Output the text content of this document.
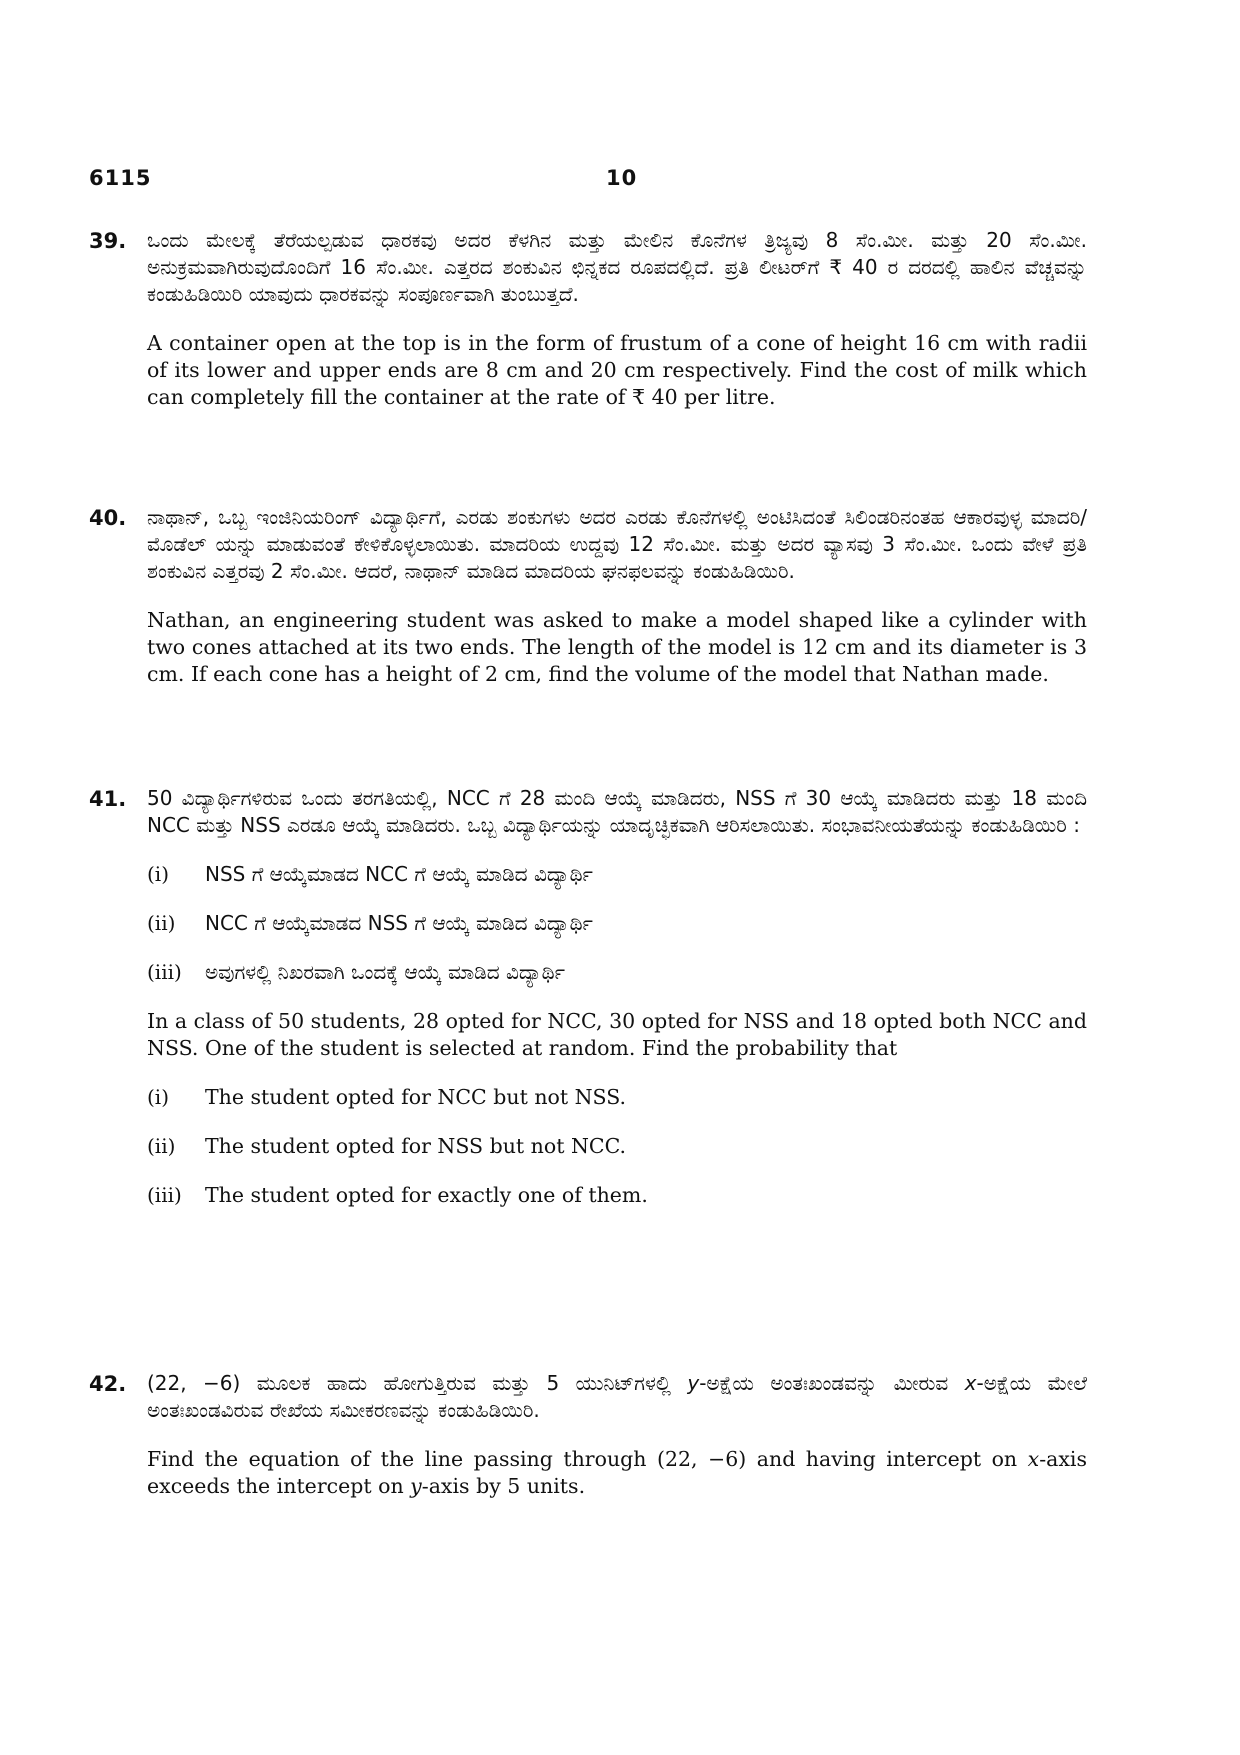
6115	10
39. ಒಂದು ಮೇಲಕ್ಕೆ ತೆರೆಯಲ್ಪಡುವ ಧಾರಕವು ಅದರ ಕೆಳಗಿನ ಮತ್ತು ಮೇಲಿನ ಕೊನೆಗಳ ತ್ರಿಜ್ಯವು 8 ಸೆಂ.ಮೀ. ಮತ್ತು 20 ಸೆಂ.ಮೀ. ಅನುಕ್ರಮವಾಗಿರುವುದೊಂದಿಗೆ 16 ಸೆಂ.ಮೀ. ಎತ್ತರದ ಶಂಕುವಿನ ಛಿನ್ನಕದ ರೂಪದಲ್ಲಿದೆ. ಪ್ರತಿ ಲೀಟರ್‌ಗೆ ₹ 40 ರ ದರದಲ್ಲಿ ಹಾಲಿನ ವೆಚ್ಚವನ್ನು ಕಂಡುಹಿಡಿಯಿರಿ ಯಾವುದು ಧಾರಕವನ್ನು ಸಂಪೂರ್ಣವಾಗಿ ತುಂಬುತ್ತದೆ.

A container open at the top is in the form of frustum of a cone of height 16 cm with radii of its lower and upper ends are 8 cm and 20 cm respectively. Find the cost of milk which can completely fill the container at the rate of ₹ 40 per litre.

40. ನಾಥಾನ್, ಒಬ್ಬ ಇಂಜಿನಿಯರಿಂಗ್ ವಿದ್ಯಾರ್ಥಿಗೆ, ಎರಡು ಶಂಕುಗಳು ಅದರ ಎರಡು ಕೊನೆಗಳಲ್ಲಿ ಅಂಟಿಸಿದಂತೆ ಸಿಲಿಂಡರಿನಂತಹ ಆಕಾರವುಳ್ಳ ಮಾದರಿ/ಮೊಡೆಲ್ ಯನ್ನು ಮಾಡುವಂತೆ ಕೇಳಿಕೊಳ್ಳಲಾಯಿತು. ಮಾದರಿಯ ಉದ್ದವು 12 ಸೆಂ.ಮೀ. ಮತ್ತು ಅದರ ವ್ಯಾಸವು 3 ಸೆಂ.ಮೀ. ಒಂದು ವೇಳೆ ಪ್ರತಿ ಶಂಕುವಿನ ಎತ್ತರವು 2 ಸೆಂ.ಮೀ. ಆದರೆ, ನಾಥಾನ್ ಮಾಡಿದ ಮಾದರಿಯ ಘನಫಲವನ್ನು ಕಂಡುಹಿಡಿಯಿರಿ.

Nathan, an engineering student was asked to make a model shaped like a cylinder with two cones attached at its two ends. The length of the model is 12 cm and its diameter is 3 cm. If each cone has a height of 2 cm, find the volume of the model that Nathan made.

41. 50 ವಿದ್ಯಾರ್ಥಿಗಳಿರುವ ಒಂದು ತರಗತಿಯಲ್ಲಿ, NCC ಗೆ 28 ಮಂದಿ ಆಯ್ಕೆ ಮಾಡಿದರು, NSS ಗೆ 30 ಆಯ್ಕೆ ಮಾಡಿದರು ಮತ್ತು 18 ಮಂದಿ NCC ಮತ್ತು NSS ಎರಡೂ ಆಯ್ಕೆ ಮಾಡಿದರು. ಒಬ್ಬ ವಿದ್ಯಾರ್ಥಿಯನ್ನು ಯಾದೃಚ್ಛಿಕವಾಗಿ ಆರಿಸಲಾಯಿತು. ಸಂಭಾವನೀಯತೆಯನ್ನು ಕಂಡುಹಿಡಿಯಿರಿ :

(i)	NSS ಗೆ ಆಯ್ಕೆಮಾಡದ NCC ಗೆ ಆಯ್ಕೆ ಮಾಡಿದ ವಿದ್ಯಾರ್ಥಿ
(ii)	NCC ಗೆ ಆಯ್ಕೆಮಾಡದ NSS ಗೆ ಆಯ್ಕೆ ಮಾಡಿದ ವಿದ್ಯಾರ್ಥಿ
(iii)	ಅವುಗಳಲ್ಲಿ ನಿಖರವಾಗಿ ಒಂದಕ್ಕೆ ಆಯ್ಕೆ ಮಾಡಿದ ವಿದ್ಯಾರ್ಥಿ

In a class of 50 students, 28 opted for NCC, 30 opted for NSS and 18 opted both NCC and NSS. One of the student is selected at random. Find the probability that

(i)	The student opted for NCC but not NSS.
(ii)	The student opted for NSS but not NCC.
(iii)	The student opted for exactly one of them.
42. (22, −6) ಮೂಲಕ ಹಾದು ಹೋಗುತ್ತಿರುವ ಮತ್ತು 5 ಯುನಿಟ್‌ಗಳಲ್ಲಿ y-ಅಕ್ಷೆಯ ಅಂತಃಖಂಡವನ್ನು ಮೀರುವ x-ಅಕ್ಷೆಯ ಮೇಲೆ ಅಂತಃಖಂಡವಿರುವ ರೇಖೆಯ ಸಮೀಕರಣವನ್ನು ಕಂಡುಹಿಡಿಯಿರಿ.

Find the equation of the line passing through (22, −6) and having intercept on x-axis exceeds the intercept on y-axis by 5 units.
